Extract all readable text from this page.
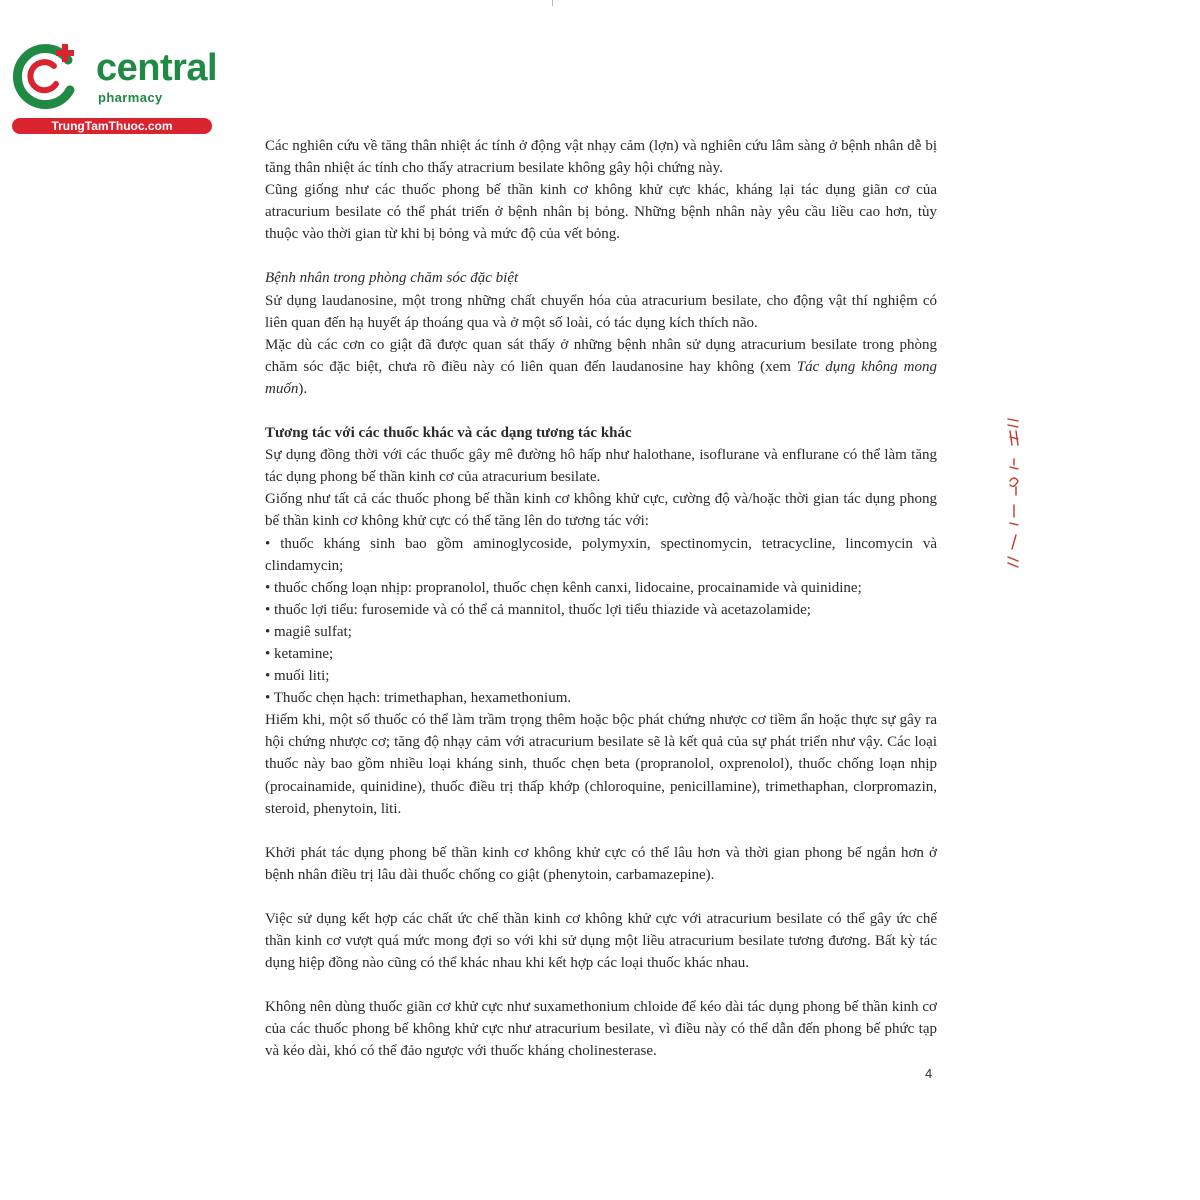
central
pharmacy
TrungTamThuoc.com

Các nghiên cứu về tăng thân nhiệt ác tính ở động vật nhạy cảm (lợn) và nghiên cứu lâm sàng ở bệnh nhân dễ bị tăng thân nhiệt ác tính cho thấy atracrium besilate không gây hội chứng này.

Cũng giống như các thuốc phong bế thần kinh cơ không khử cực khác, kháng lại tác dụng giãn cơ của atracurium besilate có thể phát triển ở bệnh nhân bị bỏng. Những bệnh nhân này yêu cầu liều cao hơn, tùy thuộc vào thời gian từ khi bị bỏng và mức độ của vết bỏng.

Bệnh nhân trong phòng chăm sóc đặc biệt

Sử dụng laudanosine, một trong những chất chuyển hóa của atracurium besilate, cho động vật thí nghiệm có liên quan đến hạ huyết áp thoáng qua và ở một số loài, có tác dụng kích thích não.

Mặc dù các cơn co giật đã được quan sát thấy ở những bệnh nhân sử dụng atracurium besilate trong phòng chăm sóc đặc biệt, chưa rõ điều này có liên quan đến laudanosine hay không (xem Tác dụng không mong muốn).

Tương tác với các thuốc khác và các dạng tương tác khác

Sự dụng đồng thời với các thuốc gây mê đường hô hấp như halothane, isoflurane và enflurane có thể làm tăng tác dụng phong bế thần kinh cơ của atracurium besilate.

Giống như tất cả các thuốc phong bế thần kinh cơ không khử cực, cường độ và/hoặc thời gian tác dụng phong bế thần kinh cơ không khử cực có thể tăng lên do tương tác với:

• thuốc kháng sinh bao gồm aminoglycoside, polymyxin, spectinomycin, tetracycline, lincomycin và clindamycin;

• thuốc chống loạn nhịp: propranolol, thuốc chẹn kênh canxi, lidocaine, procainamide và quinidine;

• thuốc lợi tiểu: furosemide và có thể cả mannitol, thuốc lợi tiểu thiazide và acetazolamide;

• magiê sulfat;

• ketamine;

• muối liti;

• Thuốc chẹn hạch: trimethaphan, hexamethonium.

Hiếm khi, một số thuốc có thể làm trầm trọng thêm hoặc bộc phát chứng nhược cơ tiềm ẩn hoặc thực sự gây ra hội chứng nhược cơ; tăng độ nhạy cảm với atracurium besilate sẽ là kết quả của sự phát triển như vậy. Các loại thuốc này bao gồm nhiều loại kháng sinh, thuốc chẹn beta (propranolol, oxprenolol), thuốc chống loạn nhịp (procainamide, quinidine), thuốc điều trị thấp khớp (chloroquine, penicillamine), trimethaphan, clorpromazin, steroid, phenytoin, liti.

Khởi phát tác dụng phong bế thần kinh cơ không khử cực có thể lâu hơn và thời gian phong bế ngắn hơn ở bệnh nhân điều trị lâu dài thuốc chống co giật (phenytoin, carbamazepine).

Việc sử dụng kết hợp các chất ức chế thần kinh cơ không khử cực với atracurium besilate có thể gây ức chế thần kinh cơ vượt quá mức mong đợi so với khi sử dụng một liều atracurium besilate tương đương. Bất kỳ tác dụng hiệp đồng nào cũng có thể khác nhau khi kết hợp các loại thuốc khác nhau.

Không nên dùng thuốc giãn cơ khử cực như suxamethonium chloide để kéo dài tác dụng phong bế thần kinh cơ của các thuốc phong bế không khử cực như atracurium besilate, vì điều này có thể dẫn đến phong bế phức tạp và kéo dài, khó có thể đảo ngược với thuốc kháng cholinesterase.

4
